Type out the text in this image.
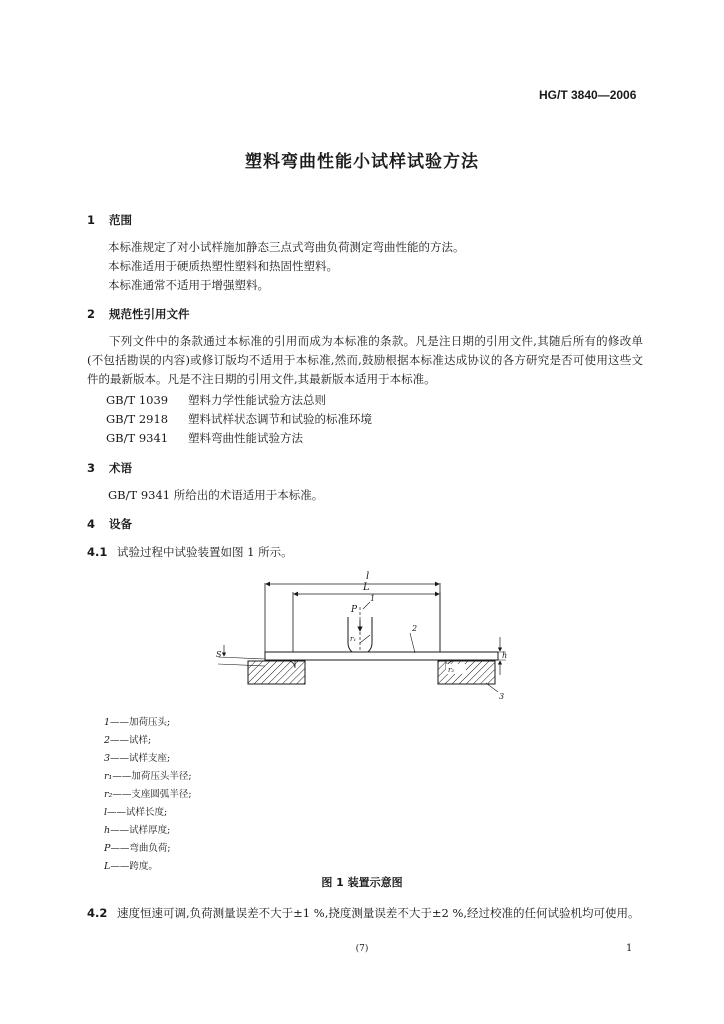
HG/T 3840—2006
塑料弯曲性能小试样试验方法
1 范围
本标准规定了对小试样施加静态三点式弯曲负荷测定弯曲性能的方法。
本标准适用于硬质热塑性塑料和热固性塑料。
本标准通常不适用于增强塑料。
2 规范性引用文件
下列文件中的条款通过本标准的引用而成为本标准的条款。凡是注日期的引用文件,其随后所有的修改单(不包括勘误的内容)或修订版均不适用于本标准,然而,鼓励根据本标准达成协议的各方研究是否可使用这些文件的最新版本。凡是不注日期的引用文件,其最新版本适用于本标准。
GB/T 1039 塑料力学性能试验方法总则
GB/T 2918 塑料试样状态调节和试验的标准环境
GB/T 9341 塑料弯曲性能试验方法
3 术语
GB/T 9341 所给出的术语适用于本标准。
4 设备
4.1 试验过程中试验装置如图 1 所示。
l
L
P
1
r₁
2
h
S
r₂
3
1——加荷压头;
2——试样;
3——试样支座;
r₁——加荷压头半径;
r₂——支座圆弧半径;
l——试样长度;
h——试样厚度;
P——弯曲负荷;
L——跨度。
图 1 装置示意图
4.2 速度恒速可调,负荷测量误差不大于±1 %,挠度测量误差不大于±2 %,经过校准的任何试验机均可使用。
(7)	1
